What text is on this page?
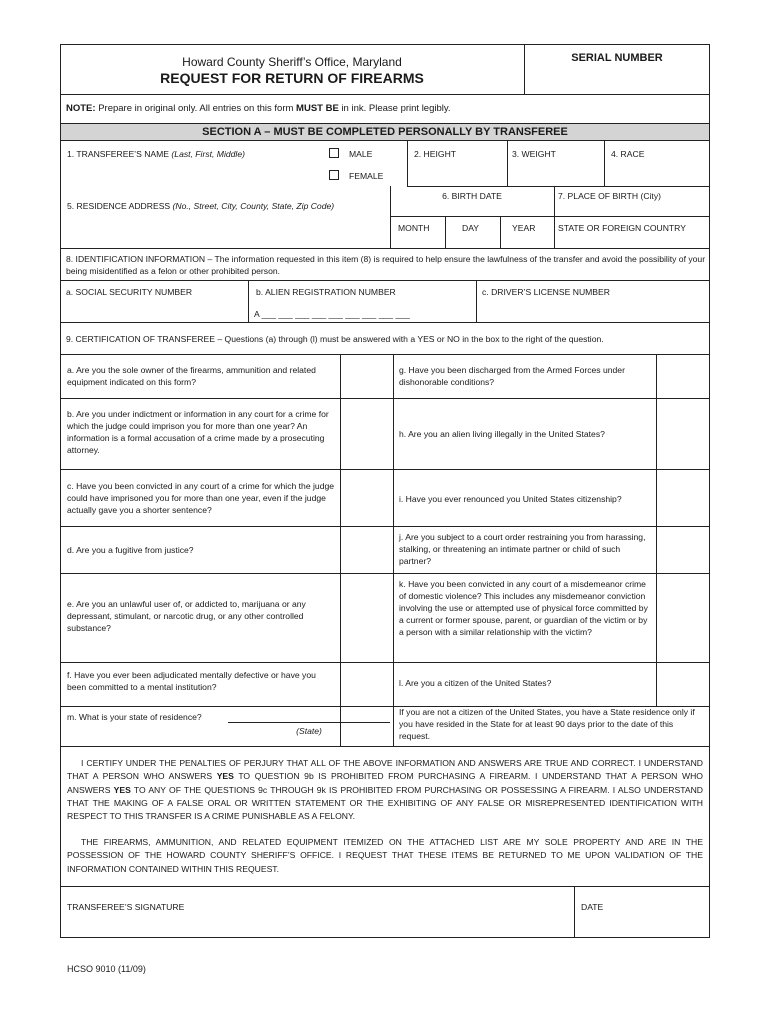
Howard County Sheriff’s Office, Maryland
REQUEST FOR RETURN OF FIREARMS
SERIAL NUMBER
NOTE: Prepare in original only. All entries on this form MUST BE in ink. Please print legibly.
SECTION A – MUST BE COMPLETED PERSONALLY BY TRANSFEREE
1. TRANSFEREE’S NAME (Last, First, Middle)	MALE
FEMALE
2. HEIGHT	3. WEIGHT	4. RACE
5. RESIDENCE ADDRESS (No., Street, City, County, State, Zip Code)
6. BIRTH DATE	7. PLACE OF BIRTH (City)
MONTH	DAY	YEAR	STATE OR FOREIGN COUNTRY
8. IDENTIFICATION INFORMATION – The information requested in this item (8) is required to help ensure the lawfulness of the transfer and avoid the possibility of your being misidentified as a felon or other prohibited person.
a. SOCIAL SECURITY NUMBER	b. ALIEN REGISTRATION NUMBER
A ___ ___ ___ ___ ___ ___ ___ ___ ___
c. DRIVER’S LICENSE NUMBER
9. CERTIFICATION OF TRANSFEREE – Questions (a) through (l) must be answered with a YES or NO in the box to the right of the question.
a. Are you the sole owner of the firearms, ammunition and related equipment indicated on this form?
b. Are you under indictment or information in any court for a crime for which the judge could imprison you for more than one year? An information is a formal accusation of a crime made by a prosecuting attorney.
c. Have you been convicted in any court of a crime for which the judge could have imprisoned you for more than one year, even if the judge actually gave you a shorter sentence?
d. Are you a fugitive from justice?
e. Are you an unlawful user of, or addicted to, marijuana or any depressant, stimulant, or narcotic drug, or any other controlled substance?
f. Have you ever been adjudicated mentally defective or have you been committed to a mental institution?
g. Have you been discharged from the Armed Forces under dishonorable conditions?
h. Are you an alien living illegally in the United States?
i. Have you ever renounced you United States citizenship?
j. Are you subject to a court order restraining you from harassing, stalking, or threatening an intimate partner or child of such partner?
k. Have you been convicted in any court of a misdemeanor crime of domestic violence? This includes any misdemeanor conviction involving the use or attempted use of physical force committed by a current or former spouse, parent, or guardian of the victim or by a person with a similar relationship with the victim?
l. Are you a citizen of the United States?
m. What is your state of residence?
(State)
If you are not a citizen of the United States, you have a State residence only if you have resided in the State for at least 90 days prior to the date of this request.
I CERTIFY UNDER THE PENALTIES OF PERJURY THAT ALL OF THE ABOVE INFORMATION AND ANSWERS ARE TRUE AND CORRECT. I UNDERSTAND THAT A PERSON WHO ANSWERS YES TO QUESTION 9b IS PROHIBITED FROM PURCHASING A FIREARM. I UNDERSTAND THAT A PERSON WHO ANSWERS YES TO ANY OF THE QUESTIONS 9c THROUGH 9k IS PROHIBITED FROM PURCHASING OR POSSESSING A FIREARM. I ALSO UNDERSTAND THAT THE MAKING OF A FALSE ORAL OR WRITTEN STATEMENT OR THE EXHIBITING OF ANY FALSE OR MISREPRESENTED IDENTIFICATION WITH RESPECT TO THIS TRANSFER IS A CRIME PUNISHABLE AS A FELONY.
THE FIREARMS, AMMUNITION, AND RELATED EQUIPMENT ITEMIZED ON THE ATTACHED LIST ARE MY SOLE PROPERTY AND ARE IN THE POSSESSION OF THE HOWARD COUNTY SHERIFF’S OFFICE. I REQUEST THAT THESE ITEMS BE RETURNED TO ME UPON VALIDATION OF THE INFORMATION CONTAINED WITHIN THIS REQUEST.
TRANSFEREE’S SIGNATURE	DATE
HCSO 9010 (11/09)
